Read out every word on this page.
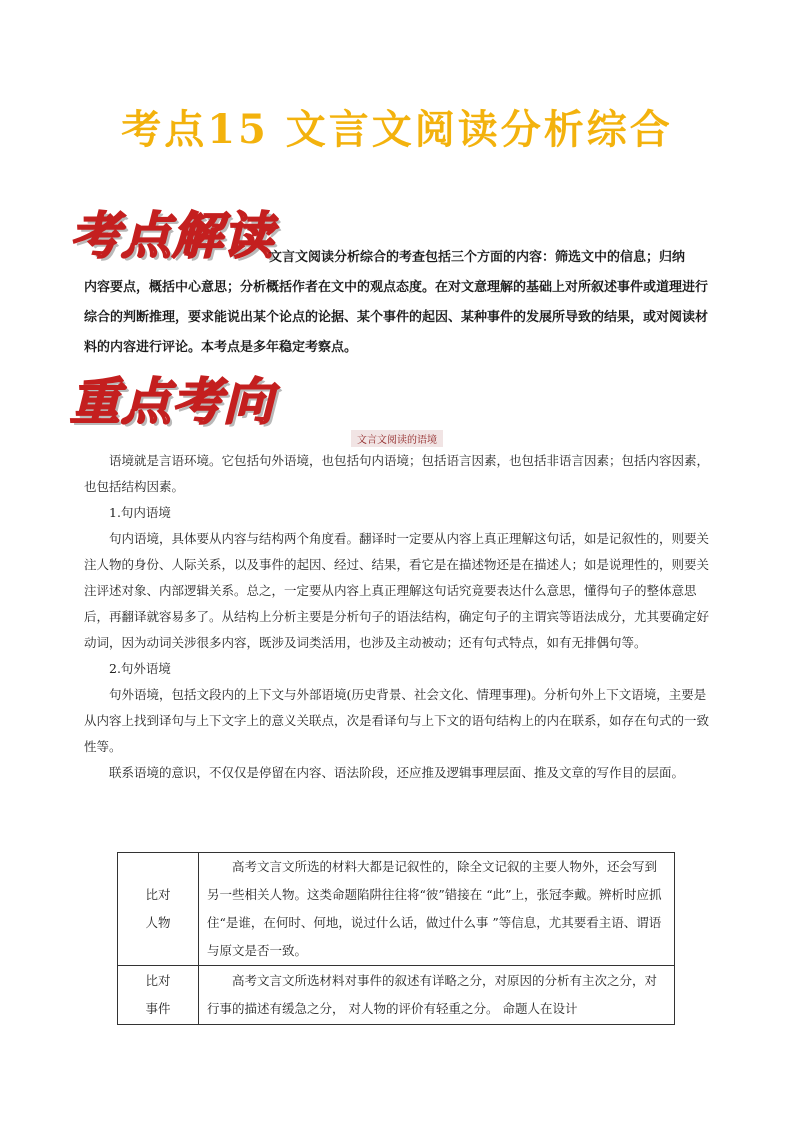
考点15 文言文阅读分析综合
考点解读
文言文阅读分析综合的考查包括三个方面的内容：筛选文中的信息；归纳
内容要点，概括中心意思；分析概括作者在文中的观点态度。在对文意理解的基础上对所叙述事件或道理进行综合的判断推理，要求能说出某个论点的论据、某个事件的起因、某种事件的发展所导致的结果，或对阅读材料的内容进行评论。本考点是多年稳定考察点。
重点考向
文言文阅读的语境

语境就是言语环境。它包括句外语境，也包括句内语境；包括语言因素，也包括非语言因素；包括内容因素，也包括结构因素。

1.句内语境

句内语境，具体要从内容与结构两个角度看。翻译时一定要从内容上真正理解这句话，如是记叙性的，则要关注人物的身份、人际关系，以及事件的起因、经过、结果，看它是在描述物还是在描述人；如是说理性的，则要关注评述对象、内部逻辑关系。总之，一定要从内容上真正理解这句话究竟要表达什么意思，懂得句子的整体意思后，再翻译就容易多了。从结构上分析主要是分析句子的语法结构，确定句子的主谓宾等语法成分，尤其要确定好动词，因为动词关涉很多内容，既涉及词类活用，也涉及主动被动；还有句式特点，如有无排偶句等。

2.句外语境

句外语境，包括文段内的上下文与外部语境(历史背景、社会文化、情理事理)。分析句外上下文语境，主要是从内容上找到译句与上下文字上的意义关联点，次是看译句与上下文的语句结构上的内在联系，如存在句式的一致性等。

联系语境的意识，不仅仅是停留在内容、语法阶段，还应推及逻辑事理层面、推及文章的写作目的层面。

比对
人物	高考文言文所选的材料大都是记叙性的，除全文记叙的主要人物外，还会写到另一些相关人物。这类命题陷阱往往将“彼”错接在 “此”上，张冠李戴。辨析时应抓住“是谁，在何时、何地，说过什么话，做过什么事 ”等信息，尤其要看主语、谓语与原文是否一致。
比对
事件	高考文言文所选材料对事件的叙述有详略之分，对原因的分析有主次之分，对行事的描述有缓急之分， 对人物的评价有轻重之分。 命题人在设计
